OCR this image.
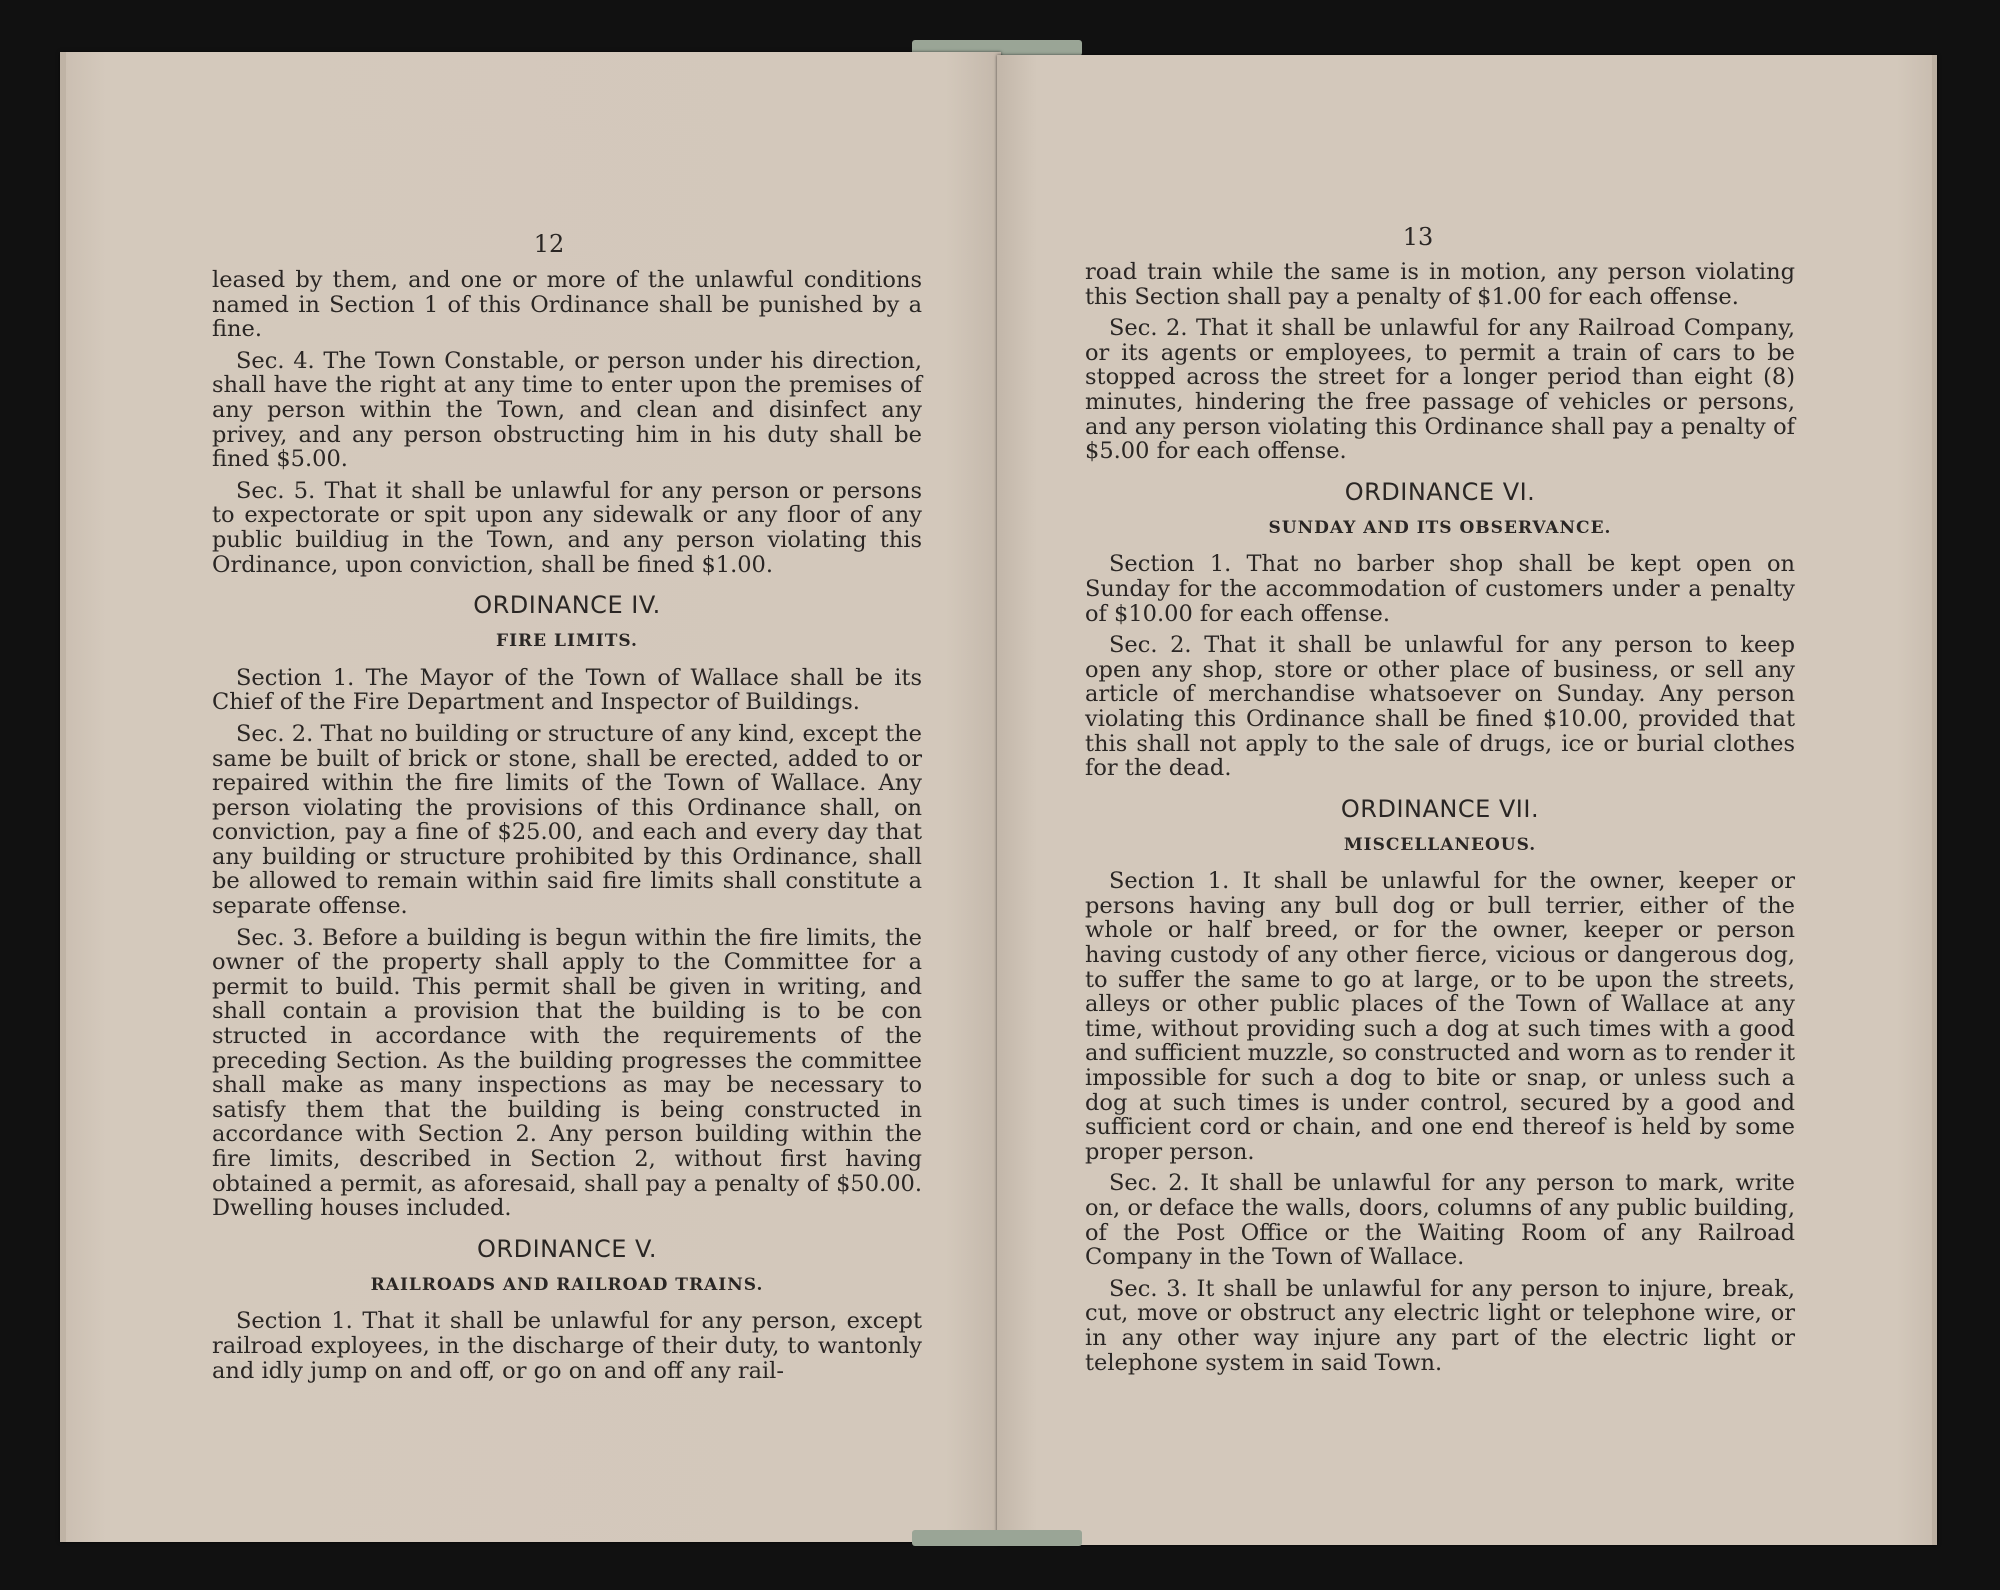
12

leased by them, and one or more of the unlawful conditions named in Section 1 of this Ordinance shall be punished by a fine.

Sec. 4. The Town Constable, or person under his direction, shall have the right at any time to enter upon the premises of any person within the Town, and clean and disinfect any privey, and any person obstructing him in his duty shall be fined $5.00.

Sec. 5. That it shall be unlawful for any person or persons to expectorate or spit upon any sidewalk or any floor of any public buildiug in the Town, and any person violating this Ordinance, upon conviction, shall be fined $1.00.

ORDINANCE IV.
FIRE LIMITS.

Section 1. The Mayor of the Town of Wallace shall be its Chief of the Fire Department and Inspector of Buildings.

Sec. 2. That no building or structure of any kind, except the same be built of brick or stone, shall be erected, added to or repaired within the fire limits of the Town of Wallace. Any person violating the provisions of this Ordinance shall, on conviction, pay a fine of $25.00, and each and every day that any building or structure prohibited by this Ordinance, shall be allowed to remain within said fire limits shall constitute a separate offense.

Sec. 3. Before a building is begun within the fire limits, the owner of the property shall apply to the Committee for a permit to build. This permit shall be given in writing, and shall contain a provision that the building is to be con structed in accordance with the requirements of the preceding Section. As the building progresses the committee shall make as many inspections as may be necessary to satisfy them that the building is being constructed in accordance with Section 2. Any person building within the fire limits, described in Section 2, without first having obtained a permit, as aforesaid, shall pay a penalty of $50.00. Dwelling houses included.

ORDINANCE V.
RAILROADS AND RAILROAD TRAINS.

Section 1. That it shall be unlawful for any person, except railroad exployees, in the discharge of their duty, to wantonly and idly jump on and off, or go on and off any rail-

13

road train while the same is in motion, any person violating this Section shall pay a penalty of $1.00 for each offense.

Sec. 2. That it shall be unlawful for any Railroad Company, or its agents or employees, to permit a train of cars to be stopped across the street for a longer period than eight (8) minutes, hindering the free passage of vehicles or persons, and any person violating this Ordinance shall pay a penalty of $5.00 for each offense.

ORDINANCE VI.
SUNDAY AND ITS OBSERVANCE.

Section 1. That no barber shop shall be kept open on Sunday for the accommodation of customers under a penalty of $10.00 for each offense.

Sec. 2. That it shall be unlawful for any person to keep open any shop, store or other place of business, or sell any article of merchandise whatsoever on Sunday. Any person violating this Ordinance shall be fined $10.00, provided that this shall not apply to the sale of drugs, ice or burial clothes for the dead.

ORDINANCE VII.
MISCELLANEOUS.

Section 1. It shall be unlawful for the owner, keeper or persons having any bull dog or bull terrier, either of the whole or half breed, or for the owner, keeper or person having custody of any other fierce, vicious or dangerous dog, to suffer the same to go at large, or to be upon the streets, alleys or other public places of the Town of Wallace at any time, without providing such a dog at such times with a good and sufficient muzzle, so constructed and worn as to render it impossible for such a dog to bite or snap, or unless such a dog at such times is under control, secured by a good and sufficient cord or chain, and one end thereof is held by some proper person.

Sec. 2. It shall be unlawful for any person to mark, write on, or deface the walls, doors, columns of any public building, of the Post Office or the Waiting Room of any Railroad Company in the Town of Wallace.

Sec. 3. It shall be unlawful for any person to injure, break, cut, move or obstruct any electric light or telephone wire, or in any other way injure any part of the electric light or telephone system in said Town.
